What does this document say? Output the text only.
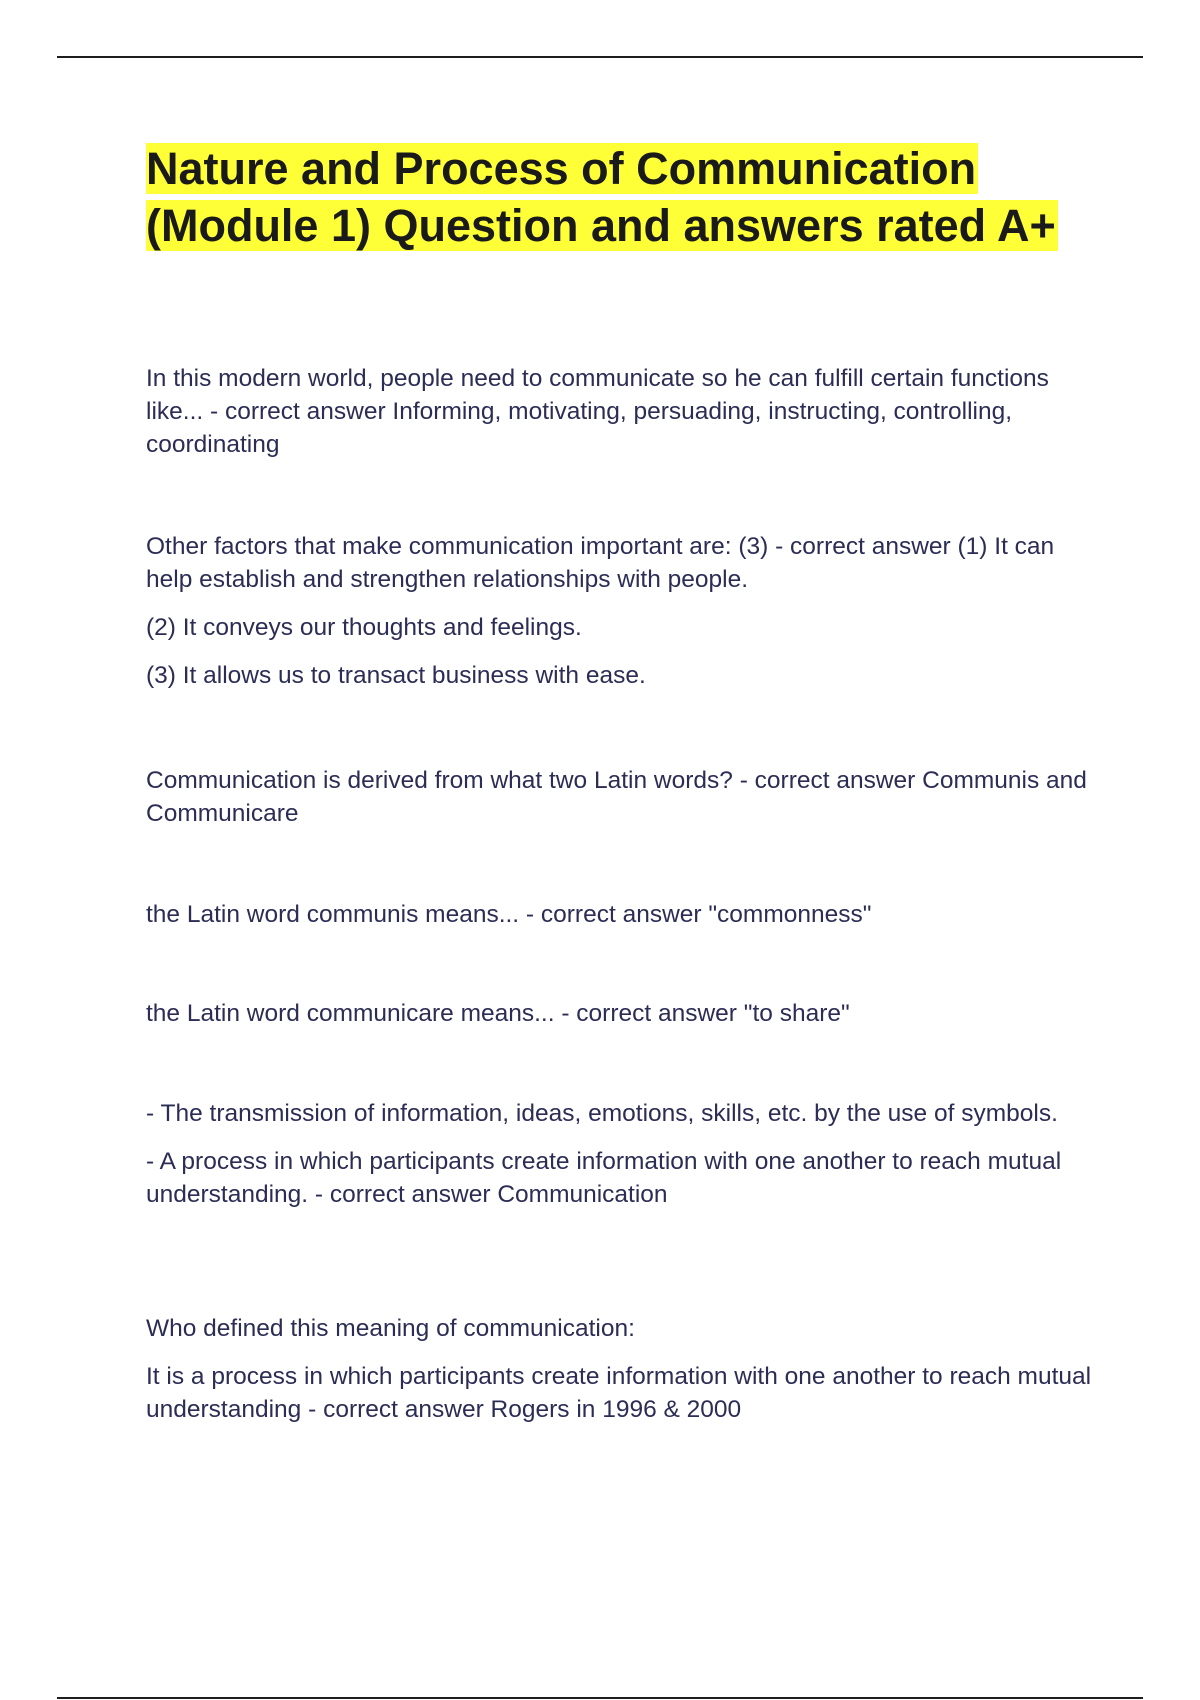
Nature and Process of Communication (Module 1) Question and answers rated A+

In this modern world, people need to communicate so he can fulfill certain functions like... - correct answer Informing, motivating, persuading, instructing, controlling, coordinating

Other factors that make communication important are: (3) - correct answer (1) It can help establish and strengthen relationships with people.

(2) It conveys our thoughts and feelings.

(3) It allows us to transact business with ease.

Communication is derived from what two Latin words? - correct answer Communis and Communicare

the Latin word communis means... - correct answer "commonness"

the Latin word communicare means... - correct answer "to share"

- The transmission of information, ideas, emotions, skills, etc. by the use of symbols.

- A process in which participants create information with one another to reach mutual understanding. - correct answer Communication

Who defined this meaning of communication:

It is a process in which participants create information with one another to reach mutual understanding - correct answer Rogers in 1996 & 2000
